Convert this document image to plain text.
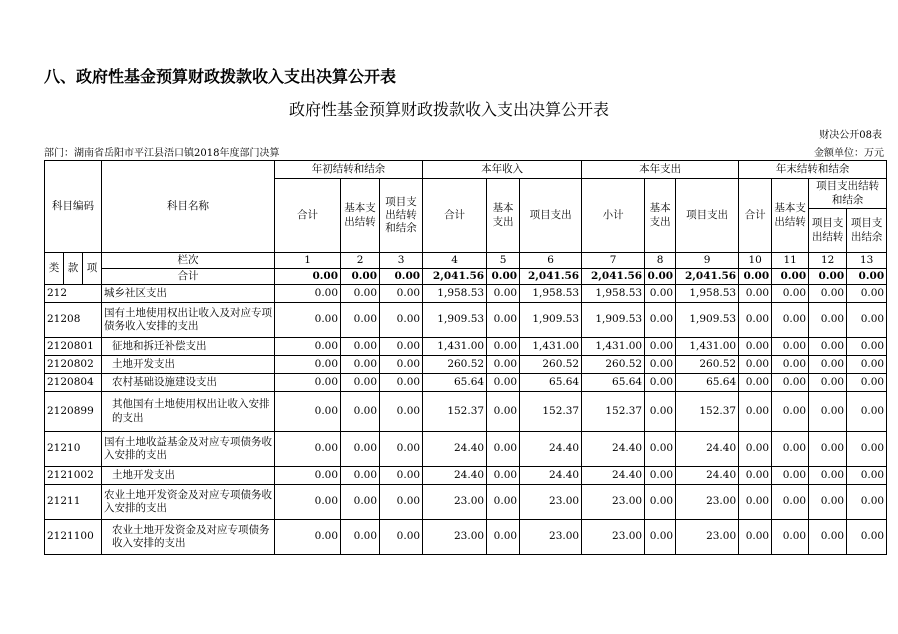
八、政府性基金预算财政拨款收入支出决算公开表
政府性基金预算财政拨款收入支出决算公开表
财决公开08表
部门：湖南省岳阳市平江县浯口镇2018年度部门决算	金额单位：万元
科目编码			科目名称	年初结转和结余			本年收入			本年支出			年末结转和结余			
				合计	基本支出结转	项目支出结转和结余	合计	基本支出	项目支出	小计	基本支出	项目支出	合计	基本支出结转	项目支出结转和结余	
															项目支出结转	项目支出结余
类	款	项	栏次	1	2	3	4	5	6	7	8	9	10	11	12	13
			合计	0.00	0.00	0.00	2,041.56	0.00	2,041.56	2,041.56	0.00	2,041.56	0.00	0.00	0.00	0.00
212			城乡社区支出	0.00	0.00	0.00	1,958.53	0.00	1,958.53	1,958.53	0.00	1,958.53	0.00	0.00	0.00	0.00
21208			国有土地使用权出让收入及对应专项债务收入安排的支出	0.00	0.00	0.00	1,909.53	0.00	1,909.53	1,909.53	0.00	1,909.53	0.00	0.00	0.00	0.00
2120801			征地和拆迁补偿支出	0.00	0.00	0.00	1,431.00	0.00	1,431.00	1,431.00	0.00	1,431.00	0.00	0.00	0.00	0.00
2120802			土地开发支出	0.00	0.00	0.00	260.52	0.00	260.52	260.52	0.00	260.52	0.00	0.00	0.00	0.00
2120804			农村基础设施建设支出	0.00	0.00	0.00	65.64	0.00	65.64	65.64	0.00	65.64	0.00	0.00	0.00	0.00
2120899			其他国有土地使用权出让收入安排的支出	0.00	0.00	0.00	152.37	0.00	152.37	152.37	0.00	152.37	0.00	0.00	0.00	0.00
21210			国有土地收益基金及对应专项债务收入安排的支出	0.00	0.00	0.00	24.40	0.00	24.40	24.40	0.00	24.40	0.00	0.00	0.00	0.00
2121002			土地开发支出	0.00	0.00	0.00	24.40	0.00	24.40	24.40	0.00	24.40	0.00	0.00	0.00	0.00
21211			农业土地开发资金及对应专项债务收入安排的支出	0.00	0.00	0.00	23.00	0.00	23.00	23.00	0.00	23.00	0.00	0.00	0.00	0.00
2121100			农业土地开发资金及对应专项债务收入安排的支出	0.00	0.00	0.00	23.00	0.00	23.00	23.00	0.00	23.00	0.00	0.00	0.00	0.00
